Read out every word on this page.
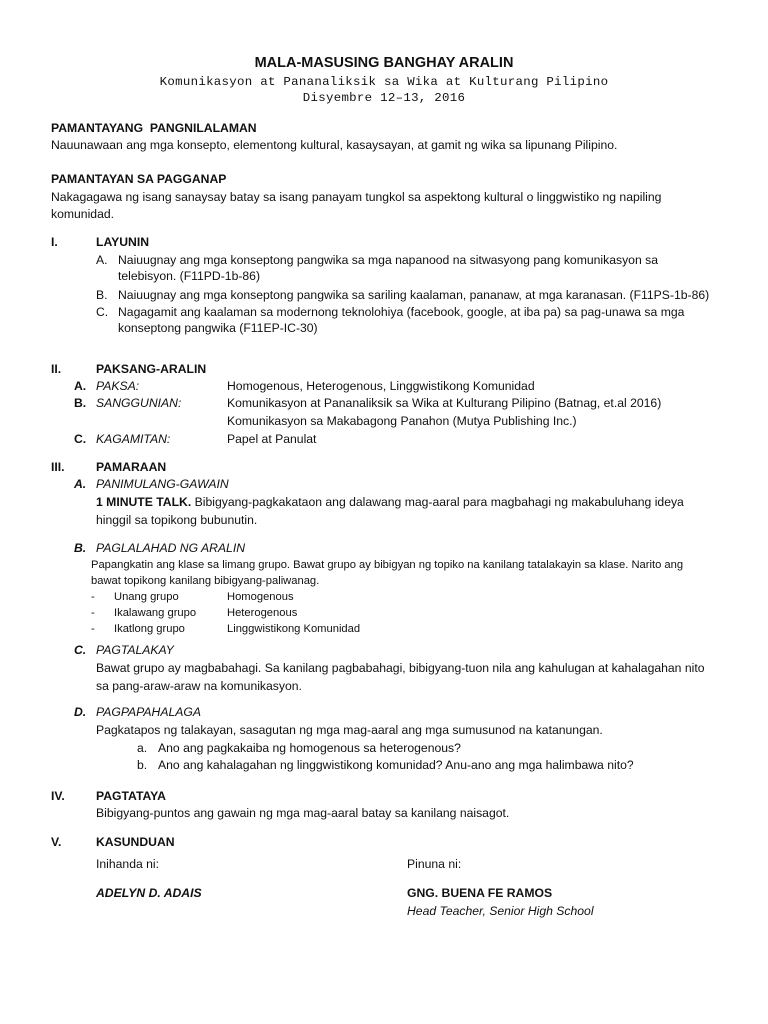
MALA-MASUSING BANGHAY ARALIN
Komunikasyon at Pananaliksik sa Wika at Kulturang Pilipino
Disyembre 12–13, 2016
PAMANTAYANG  PANGNILALAMAN
Nauunawaan ang mga konsepto, elementong kultural, kasaysayan, at gamit ng wika sa lipunang Pilipino.
PAMANTAYAN SA PAGGANAP
Nakagagawa ng isang sanaysay batay sa isang panayam tungkol sa aspektong kultural o linggwistiko ng napiling
komunidad.
I.	LAYUNIN
A. Naiuugnay ang mga konseptong pangwika sa mga napanood na sitwasyong pang komunikasyon sa
telebisyon. (F11PD-1b-86)
B. Naiuugnay ang mga konseptong pangwika sa sariling kaalaman, pananaw, at mga karanasan. (F11PS-1b-86)
C. Nagagamit ang kaalaman sa modernong teknolohiya (facebook, google, at iba pa) sa pag-unawa sa mga
konseptong pangwika (F11EP-IC-30)
II.	PAKSANG-ARALIN
A. PAKSA:	Homogenous, Heterogenous, Linggwistikong Komunidad
B. SANGGUNIAN:	Komunikasyon at Pananaliksik sa Wika at Kulturang Pilipino (Batnag, et.al 2016)
Komunikasyon sa Makabagong Panahon (Mutya Publishing Inc.)
C. KAGAMITAN:	Papel at Panulat
III.	PAMARAAN
A. PANIMULANG-GAWAIN
1 MINUTE TALK. Bibigyang-pagkakataon ang dalawang mag-aaral para magbahagi ng makabuluhang ideya
hinggil sa topikong bubunutin.
B. PAGLALAHAD NG ARALIN
Papangkatin ang klase sa limang grupo. Bawat grupo ay bibigyan ng topiko na kanilang tatalakayin sa klase. Narito ang
bawat topikong kanilang bibigyang-paliwanag.
- Unang grupo	Homogenous
- Ikalawang grupo	Heterogenous
- Ikatlong grupo	Linggwistikong Komunidad
C. PAGTALAKAY
Bawat grupo ay magbabahagi. Sa kanilang pagbabahagi, bibigyang-tuon nila ang kahulugan at kahalagahan nito
sa pang-araw-araw na komunikasyon.
D. PAGPAPAHALAGA
Pagkatapos ng talakayan, sasagutan ng mga mag-aaral ang mga sumusunod na katanungan.
a. Ano ang pagkakaiba ng homogenous sa heterogenous?
b. Ano ang kahalagahan ng linggwistikong komunidad? Anu-ano ang mga halimbawa nito?
IV.	PAGTATAYA
Bibigyang-puntos ang gawain ng mga mag-aaral batay sa kanilang naisagot.
V.	KASUNDUAN
Inihanda ni:
ADELYN D. ADAIS
Pinuna ni:
GNG. BUENA FE RAMOS
Head Teacher, Senior High School
